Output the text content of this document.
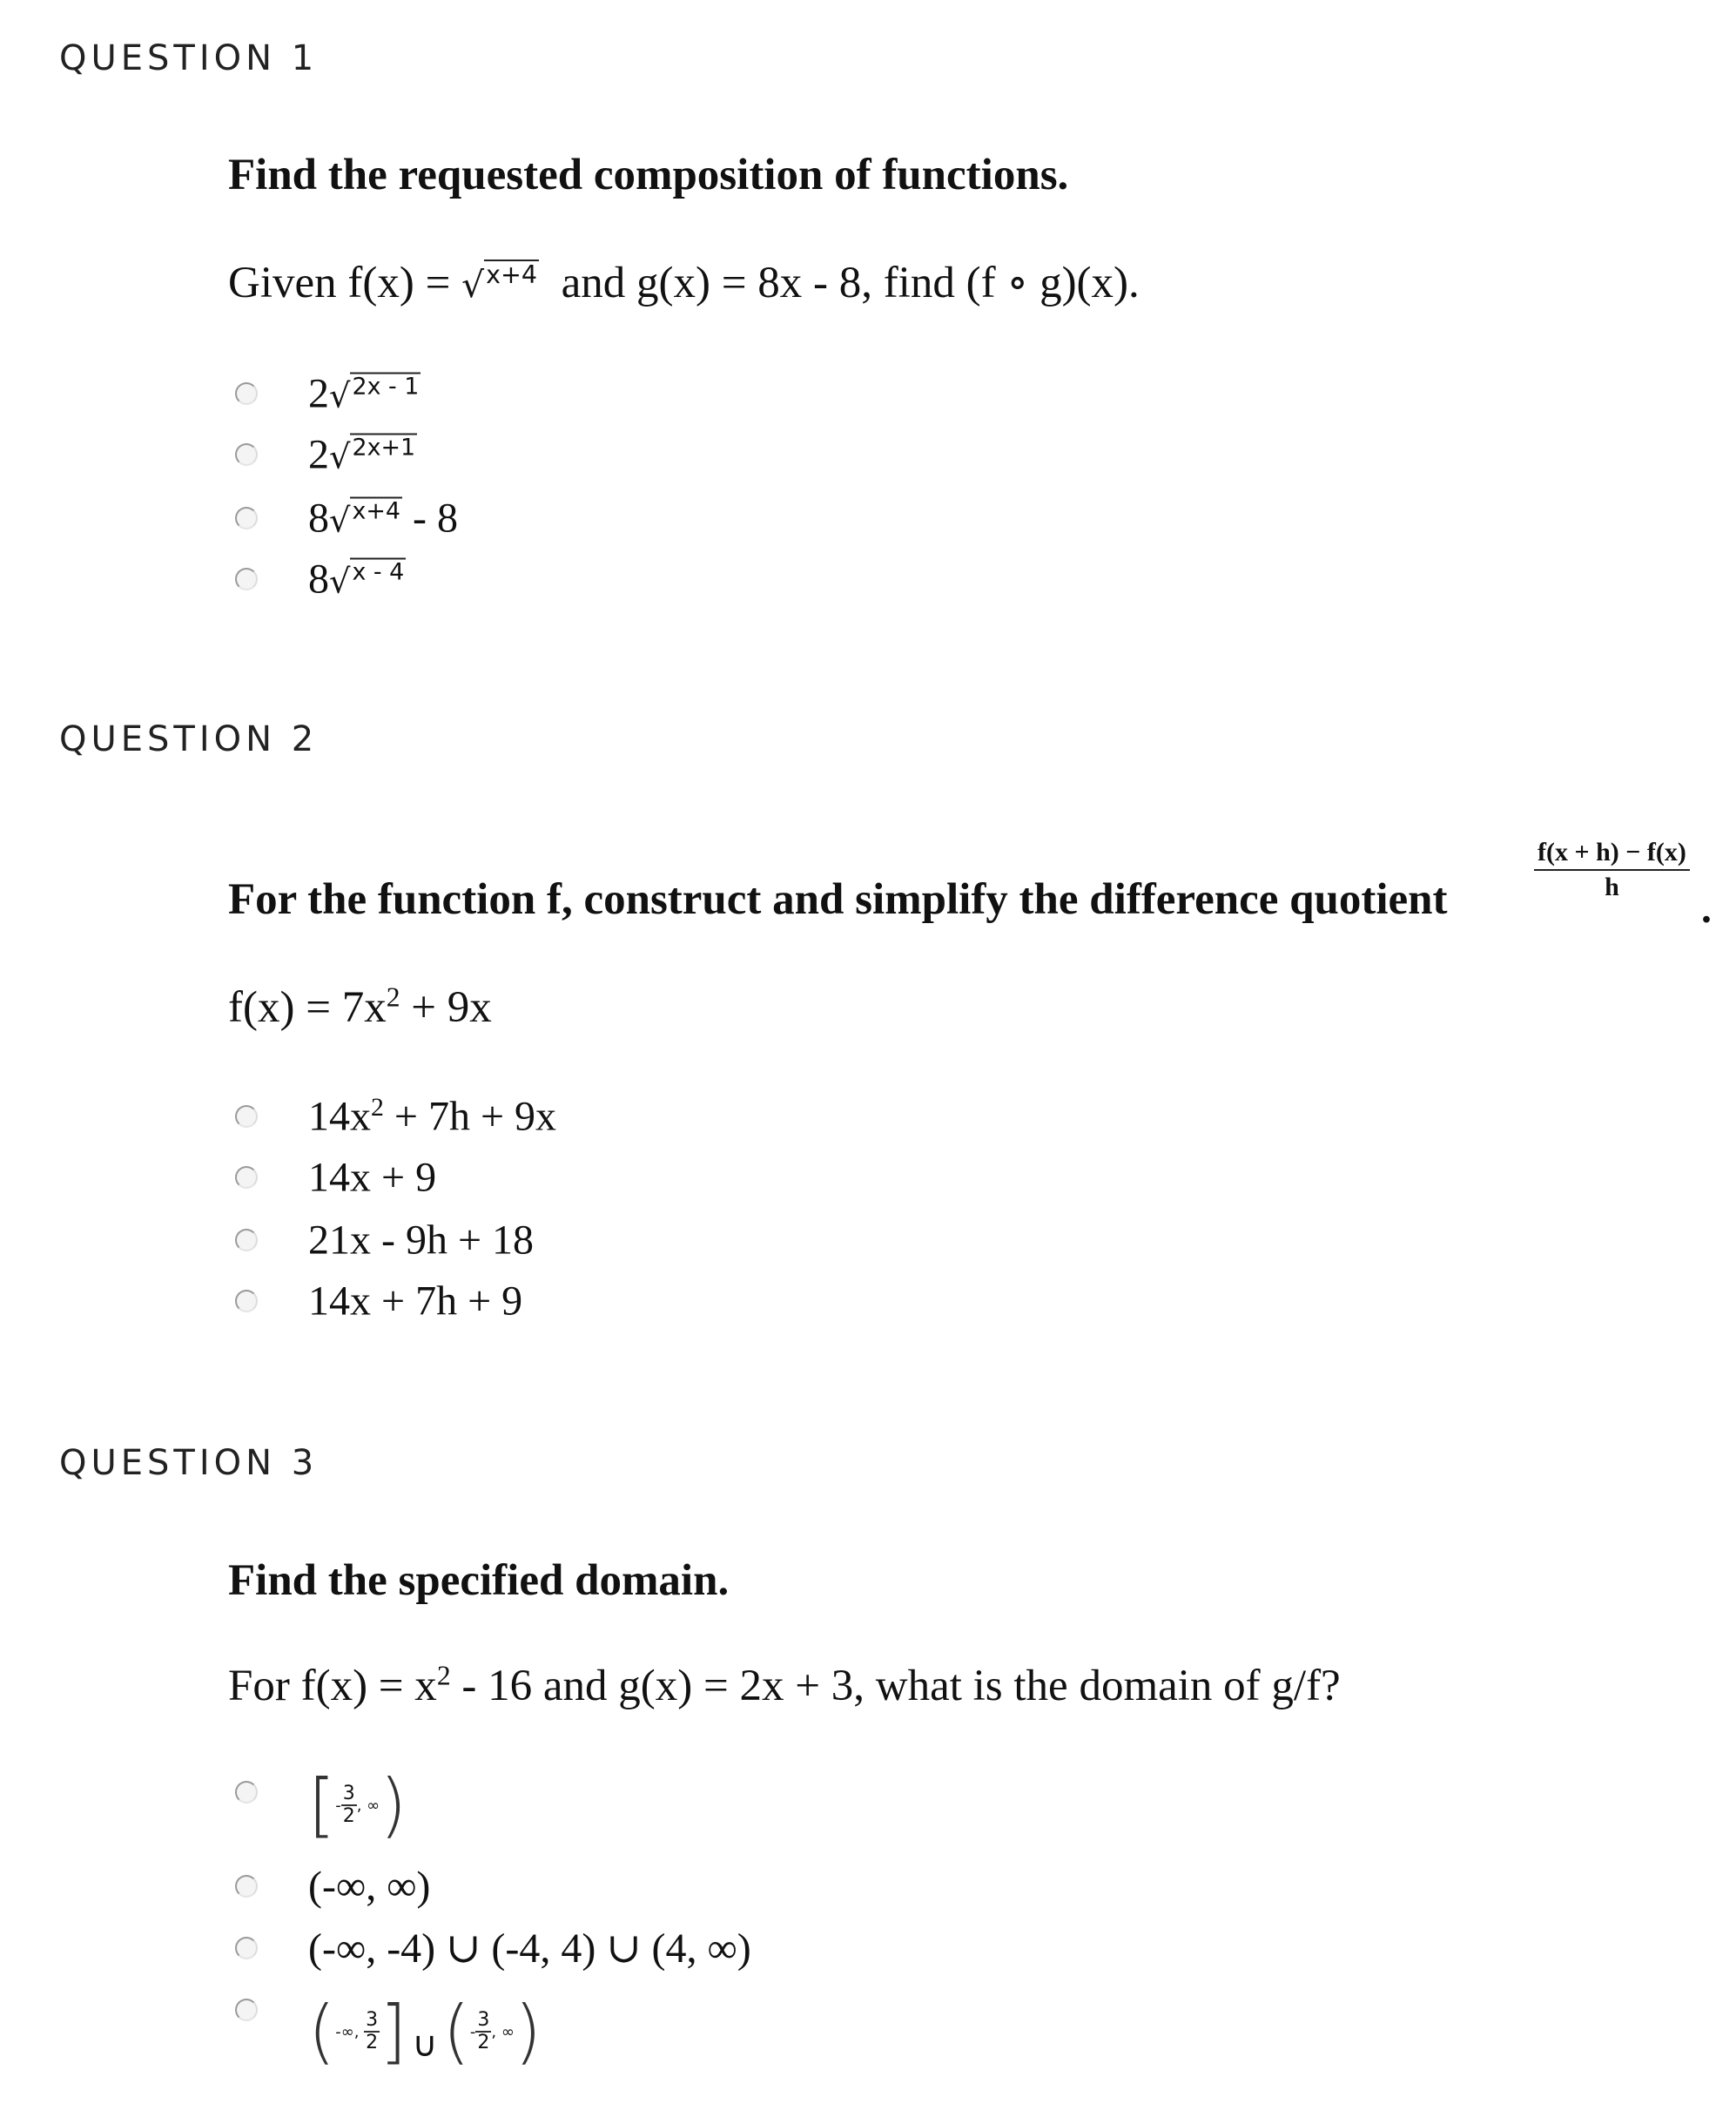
QUESTION 1
Find the requested composition of functions.
Given f(x) = √x+4  and g(x) = 8x - 8, find (f ∘ g)(x).
2√2x - 1
2√2x+1
8√x+4 - 8
8√x - 4
QUESTION 2
For the function f, construct and simplify the difference quotient	$\frac{f(x + h) - f(x)}{h}$
.
$f(x) = 7x^2 + 9x$
$14x^2 + 7h + 9x$
14x + 9
21x - 9h + 18
14x + 7h + 9
QUESTION 3
Find the specified domain.
For $f(x) = x^2 - 16$ and g(x) = 2x + 3, what is the domain of g/f?
[ - $\frac{3}{2}$ , ∞ )
(-∞, ∞)
(-∞, -4) ∪ (-4, 4) ∪ (4, ∞)
( -∞, $\frac{3}{2}$ ] ∪ ( - $\frac{3}{2}$ , ∞ )
